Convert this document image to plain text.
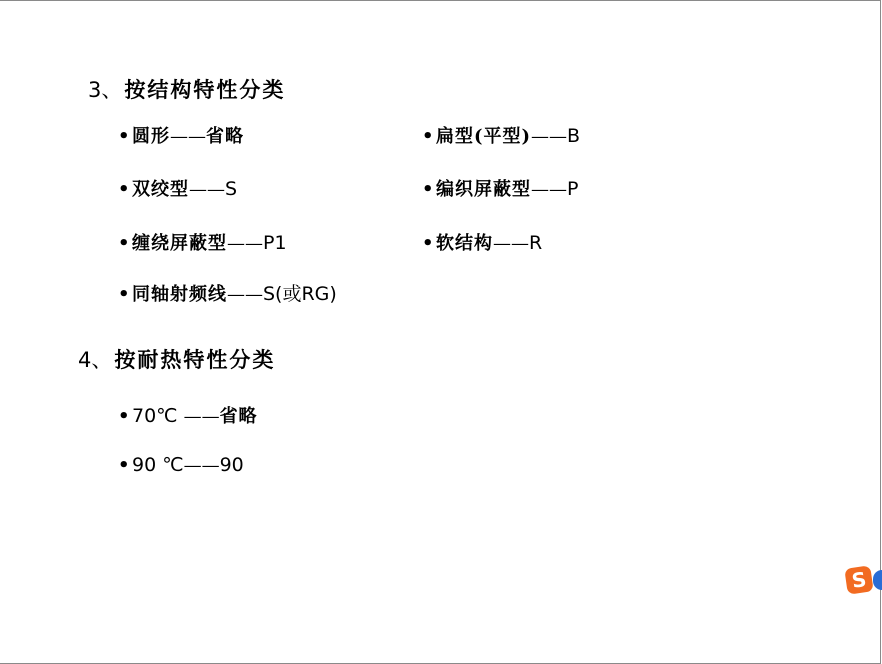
3、按结构特性分类
•圆形——省略	•扁型(平型)——B
•双绞型——S	•编织屏蔽型——P
•缠绕屏蔽型——P1	•软结构——R
•同轴射频线——S(或RG)
4、按耐热特性分类
•70℃ ——省略
•90 ℃——90
S
